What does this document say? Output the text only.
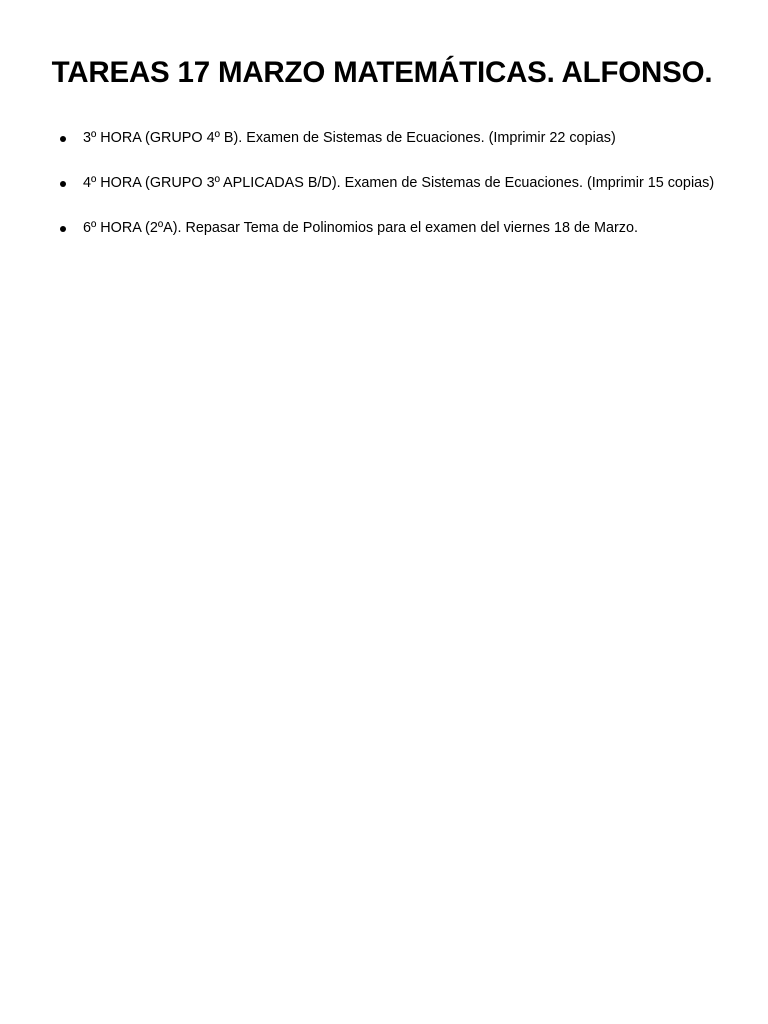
TAREAS 17 MARZO MATEMÁTICAS. ALFONSO.
3º HORA (GRUPO 4º B). Examen de Sistemas de Ecuaciones. (Imprimir 22 copias)
4º HORA (GRUPO 3º APLICADAS B/D). Examen de Sistemas de Ecuaciones. (Imprimir 15 copias)
6º HORA (2ºA). Repasar Tema de Polinomios para el examen del viernes 18 de Marzo.
